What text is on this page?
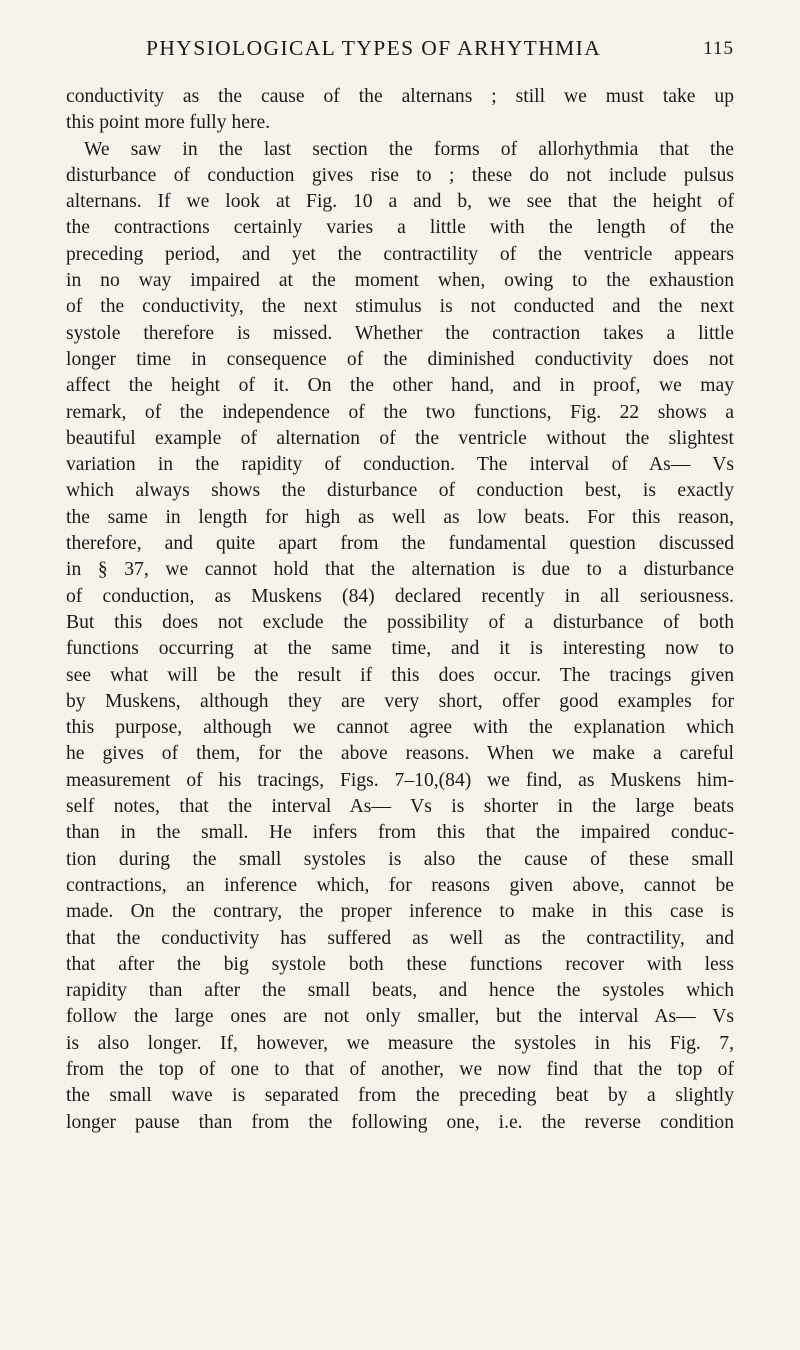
PHYSIOLOGICAL TYPES OF ARHYTHMIA	115
conductivity as the cause of the alternans ; still we must take up
this point more fully here.
We saw in the last section the forms of allorhythmia that the
disturbance of conduction gives rise to ; these do not include pulsus
alternans. If we look at Fig. 10 a and b, we see that the height of
the contractions certainly varies a little with the length of the
preceding period, and yet the contractility of the ventricle appears
in no way impaired at the moment when, owing to the exhaustion
of the conductivity, the next stimulus is not conducted and the next
systole therefore is missed. Whether the contraction takes a little
longer time in consequence of the diminished conductivity does not
affect the height of it. On the other hand, and in proof, we may
remark, of the independence of the two functions, Fig. 22 shows a
beautiful example of alternation of the ventricle without the slightest
variation in the rapidity of conduction. The interval of As— Vs
which always shows the disturbance of conduction best, is exactly
the same in length for high as well as low beats. For this reason,
therefore, and quite apart from the fundamental question discussed
in § 37, we cannot hold that the alternation is due to a disturbance
of conduction, as Muskens (84) declared recently in all seriousness.
But this does not exclude the possibility of a disturbance of both
functions occurring at the same time, and it is interesting now to
see what will be the result if this does occur. The tracings given
by Muskens, although they are very short, offer good examples for
this purpose, although we cannot agree with the explanation which
he gives of them, for the above reasons. When we make a careful
measurement of his tracings, Figs. 7–10,(84) we find, as Muskens him-
self notes, that the interval As— Vs is shorter in the large beats
than in the small. He infers from this that the impaired conduc-
tion during the small systoles is also the cause of these small
contractions, an inference which, for reasons given above, cannot be
made. On the contrary, the proper inference to make in this case is
that the conductivity has suffered as well as the contractility, and
that after the big systole both these functions recover with less
rapidity than after the small beats, and hence the systoles which
follow the large ones are not only smaller, but the interval As— Vs
is also longer. If, however, we measure the systoles in his Fig. 7,
from the top of one to that of another, we now find that the top of
the small wave is separated from the preceding beat by a slightly
longer pause than from the following one, i.e. the reverse condition
